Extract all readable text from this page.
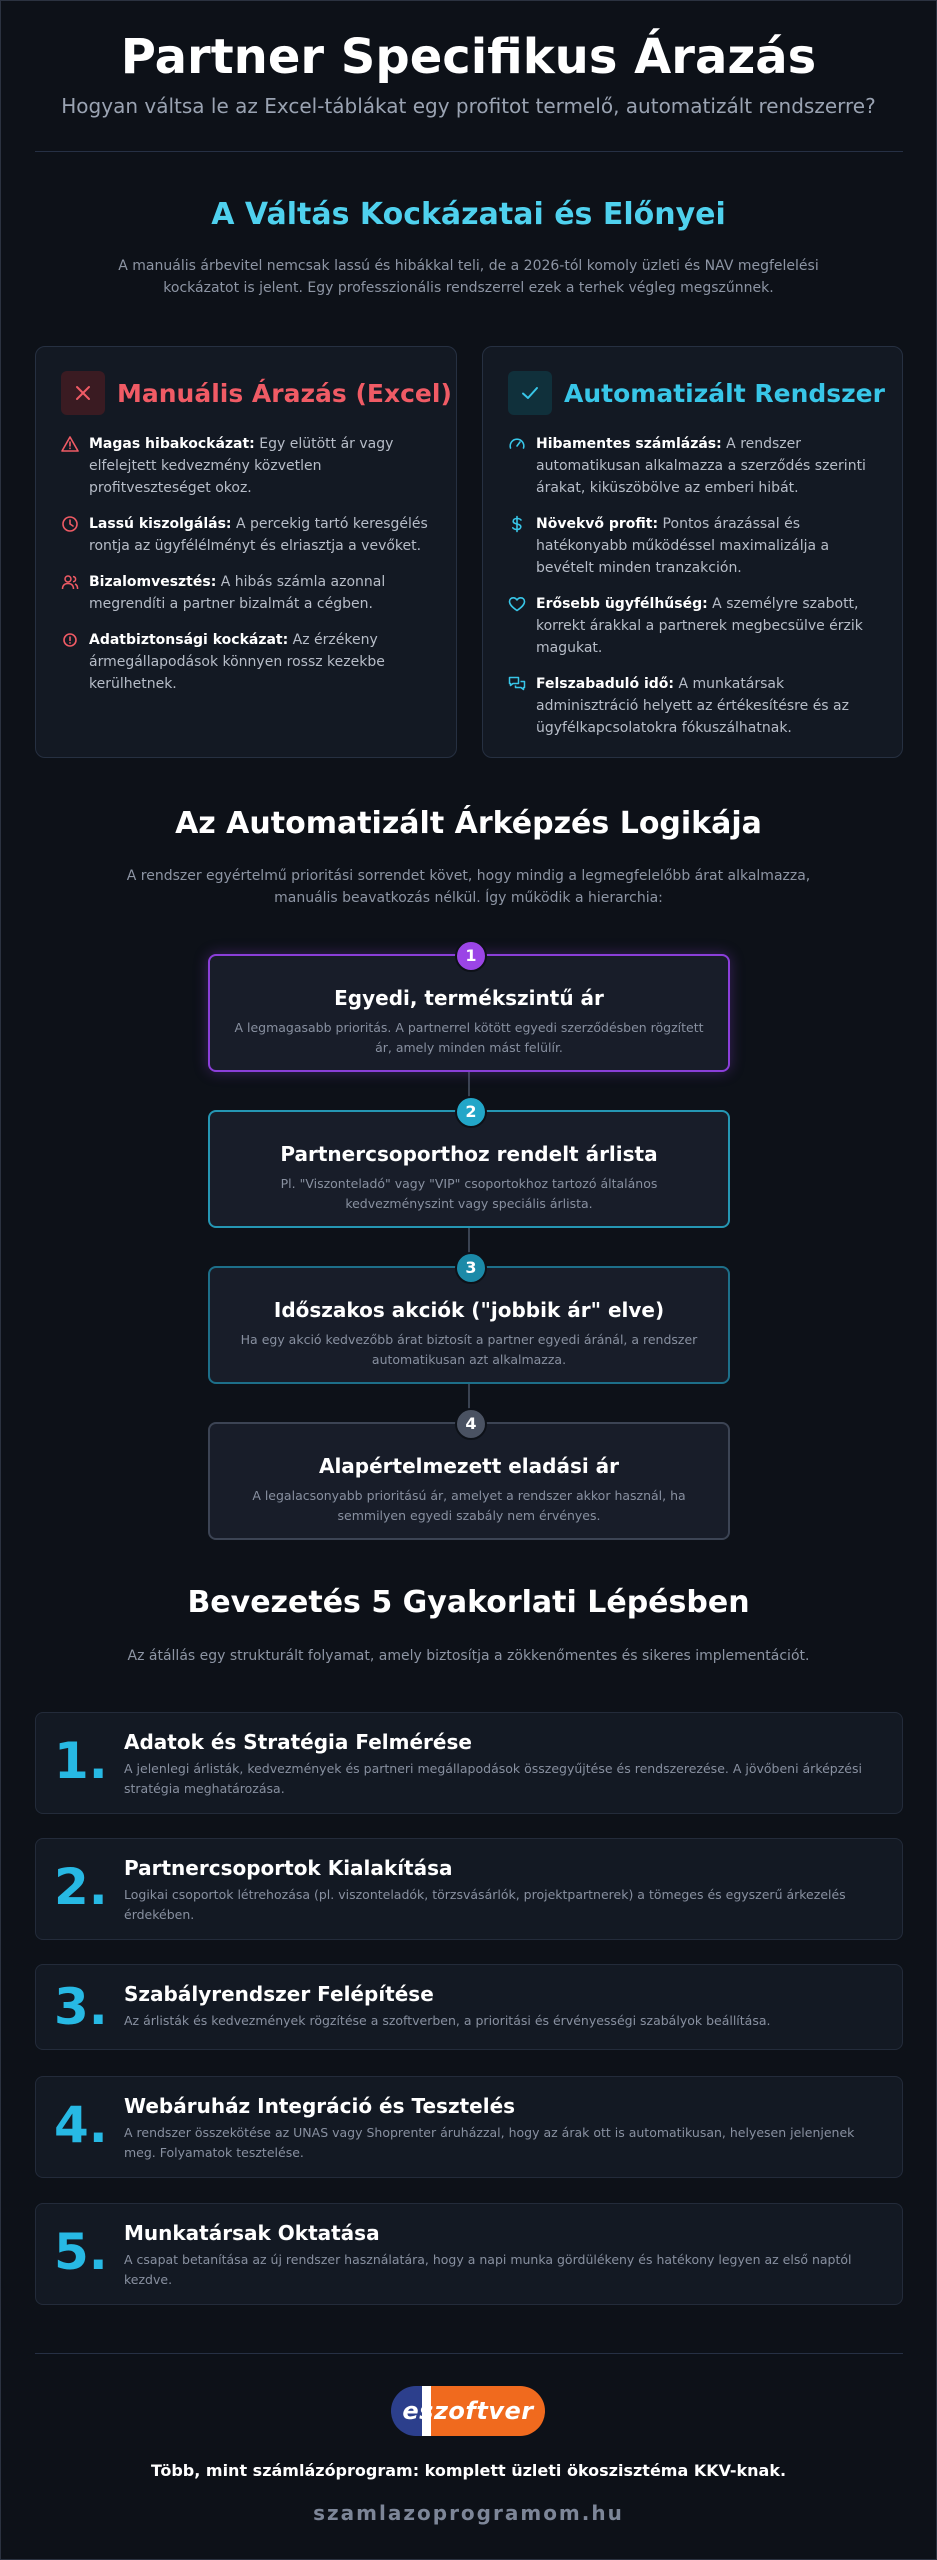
Partner Specifikus Árazás

Hogyan váltsa le az Excel-táblákat egy profitot termelő, automatizált rendszerre?

A Váltás Kockázatai és Előnyei

A manuális árbevitel nemcsak lassú és hibákkal teli, de a 2026-tól komoly üzleti és NAV megfelelési kockázatot is jelent. Egy professzionális rendszerrel ezek a terhek végleg megszűnnek.

Manuális Árazás (Excel)
Magas hibakockázat: Egy elütött ár vagy elfelejtett kedvezmény közvetlen profitveszteséget okoz.
Lassú kiszolgálás: A percekig tartó keresgélés rontja az ügyfélélményt és elriasztja a vevőket.
Bizalomvesztés: A hibás számla azonnal megrendíti a partner bizalmát a cégben.
Adatbiztonsági kockázat: Az érzékeny ármegállapodások könnyen rossz kezekbe kerülhetnek.
Automatizált Rendszer
Hibamentes számlázás: A rendszer automatikusan alkalmazza a szerződés szerinti árakat, kiküszöbölve az emberi hibát.
Növekvő profit: Pontos árazással és hatékonyabb működéssel maximalizálja a bevételt minden tranzakción.
Erősebb ügyfélhűség: A személyre szabott, korrekt árakkal a partnerek megbecsülve érzik magukat.
Felszabaduló idő: A munkatársak adminisztráció helyett az értékesítésre és az ügyfélkapcsolatokra fókuszálhatnak.
Az Automatizált Árképzés Logikája

A rendszer egyértelmű prioritási sorrendet követ, hogy mindig a legmegfelelőbb árat alkalmazza, manuális beavatkozás nélkül. Így működik a hierarchia:

1
Egyedi, termékszintű ár
A legmagasabb prioritás. A partnerrel kötött egyedi szerződésben rögzített ár, amely minden mást felülír.
2
Partnercsoporthoz rendelt árlista
Pl. "Viszonteladó" vagy "VIP" csoportokhoz tartozó általános kedvezményszint vagy speciális árlista.
3
Időszakos akciók ("jobbik ár" elve)
Ha egy akció kedvezőbb árat biztosít a partner egyedi áránál, a rendszer automatikusan azt alkalmazza.
4
Alapértelmezett eladási ár
A legalacsonyabb prioritású ár, amelyet a rendszer akkor használ, ha semmilyen egyedi szabály nem érvényes.
Bevezetés 5 Gyakorlati Lépésben

Az átállás egy strukturált folyamat, amely biztosítja a zökkenőmentes és sikeres implementációt.

1. Adatok és Stratégia Felmérése
A jelenlegi árlisták, kedvezmények és partneri megállapodások összegyűjtése és rendszerezése. A jövőbeni árképzési stratégia meghatározása.
2. Partnercsoportok Kialakítása
Logikai csoportok létrehozása (pl. viszonteladók, törzsvásárlók, projektpartnerek) a tömeges és egyszerű árkezelés érdekében.
3. Szabályrendszer Felépítése
Az árlisták és kedvezmények rögzítése a szoftverben, a prioritási és érvényességi szabályok beállítása.
4. Webáruház Integráció és Tesztelés
A rendszer összekötése az UNAS vagy Shoprenter áruházzal, hogy az árak ott is automatikusan, helyesen jelenjenek meg. Folyamatok tesztelése.
5. Munkatársak Oktatása
A csapat betanítása az új rendszer használatára, hogy a napi munka gördülékeny és hatékony legyen az első naptól kezdve.
eszoftver
Több, mint számlázóprogram: komplett üzleti ökoszisztéma KKV-knak.
szamlazoprogramom.hu
